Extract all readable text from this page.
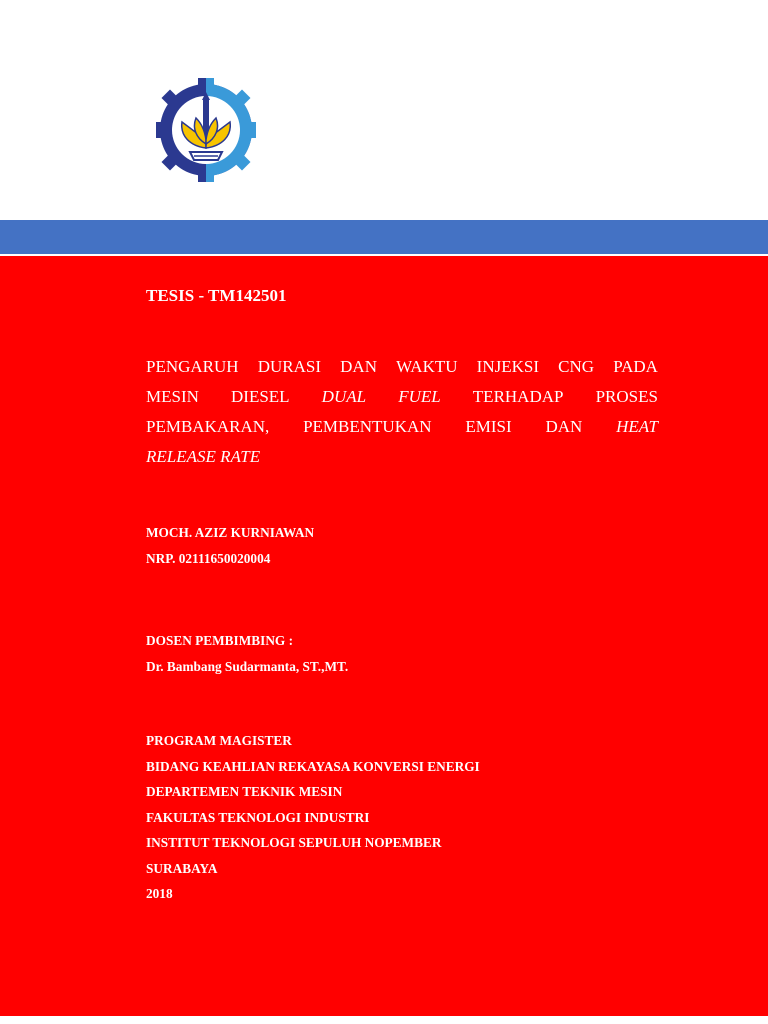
TESIS - TM142501

PENGARUH DURASI DAN WAKTU INJEKSI CNG PADA
MESIN DIESEL DUAL FUEL TERHADAP PROSES
PEMBAKARAN, PEMBENTUKAN EMISI DAN HEAT
RELEASE
RATE
MOCH. AZIZ KURNIAWAN
NRP. 02111650020004
DOSEN PEMBIMBING :
Dr. Bambang Sudarmanta, ST.,MT.
PROGRAM MAGISTER
BIDANG KEAHLIAN REKAYASA KONVERSI ENERGI
DEPARTEMEN TEKNIK MESIN
FAKULTAS TEKNOLOGI INDUSTRI
INSTITUT TEKNOLOGI SEPULUH NOPEMBER
SURABAYA
2018
